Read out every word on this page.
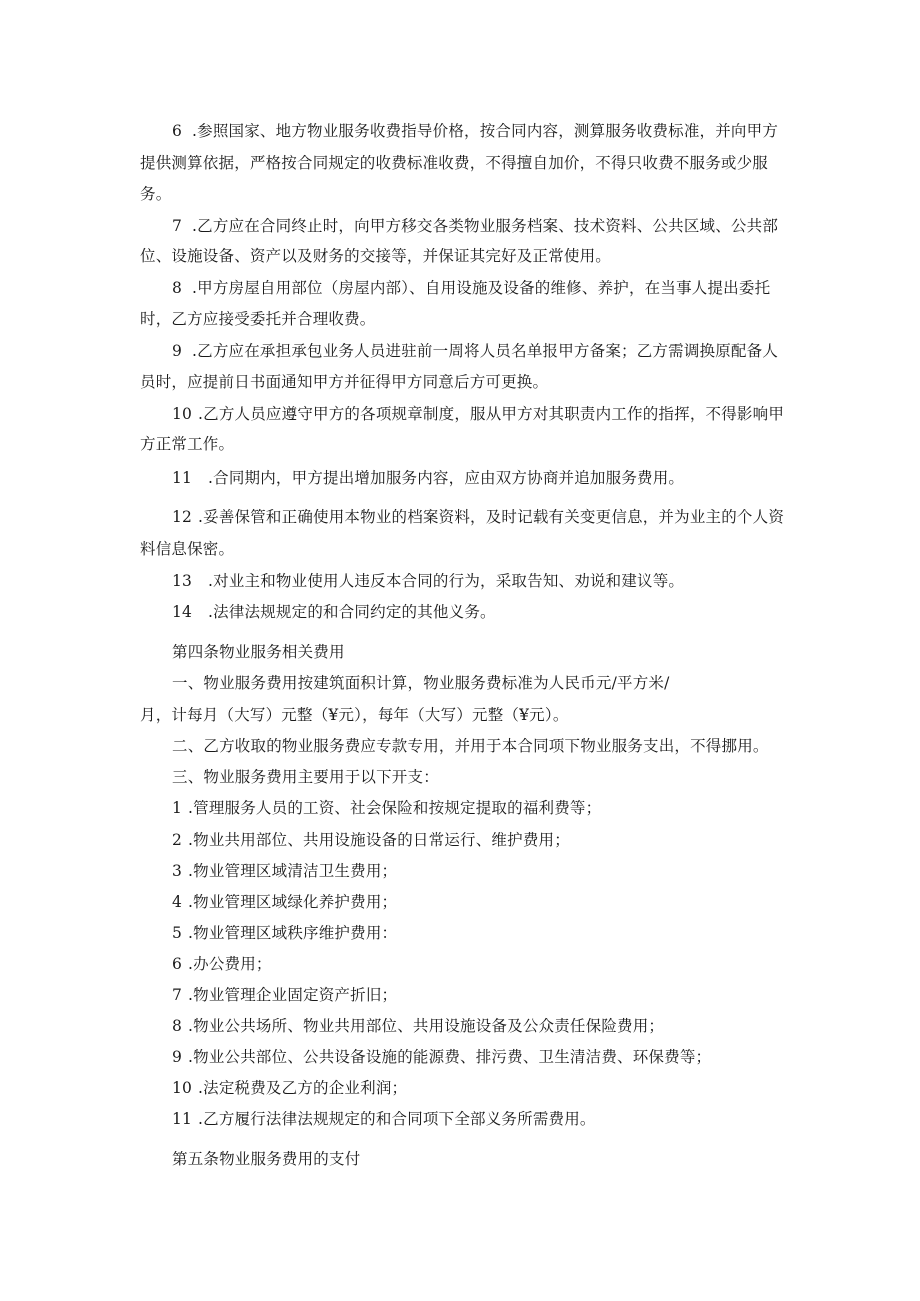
6 .参照国家、地方物业服务收费指导价格，按合同内容，测算服务收费标准，并向甲方
提供测算依据，严格按合同规定的收费标准收费，不得擅自加价，不得只收费不服务或少服
务。
7 .乙方应在合同终止时，向甲方移交各类物业服务档案、技术资料、公共区域、公共部
位、设施设备、资产以及财务的交接等，并保证其完好及正常使用。
8 .甲方房屋自用部位（房屋内部）、自用设施及设备的维修、养护，在当事人提出委托
时，乙方应接受委托并合理收费。
9 .乙方应在承担承包业务人员进驻前一周将人员名单报甲方备案；乙方需调换原配备人
员时，应提前日书面通知甲方并征得甲方同意后方可更换。
10 .乙方人员应遵守甲方的各项规章制度，服从甲方对其职责内工作的指挥，不得影响甲
方正常工作。
11 .合同期内，甲方提出增加服务内容，应由双方协商并追加服务费用。
12 .妥善保管和正确使用本物业的档案资料，及时记载有关变更信息，并为业主的个人资
料信息保密。
13 .对业主和物业使用人违反本合同的行为，采取告知、劝说和建议等。
14 .法律法规规定的和合同约定的其他义务。
第四条物业服务相关费用
一、物业服务费用按建筑面积计算，物业服务费标准为人民币元/平方米/
月，计每月（大写）元整（¥元），每年（大写）元整（¥元）。
二、乙方收取的物业服务费应专款专用，并用于本合同项下物业服务支出，不得挪用。
三、物业服务费用主要用于以下开支：
1 .管理服务人员的工资、社会保险和按规定提取的福利费等；
2 .物业共用部位、共用设施设备的日常运行、维护费用；
3 .物业管理区域清洁卫生费用；
4 .物业管理区域绿化养护费用；
5 .物业管理区域秩序维护费用：
6 .办公费用；
7 .物业管理企业固定资产折旧；
8 .物业公共场所、物业共用部位、共用设施设备及公众责任保险费用；
9 .物业公共部位、公共设备设施的能源费、排污费、卫生清洁费、环保费等；
10 .法定税费及乙方的企业利润；
11 .乙方履行法律法规规定的和合同项下全部义务所需费用。
第五条物业服务费用的支付
